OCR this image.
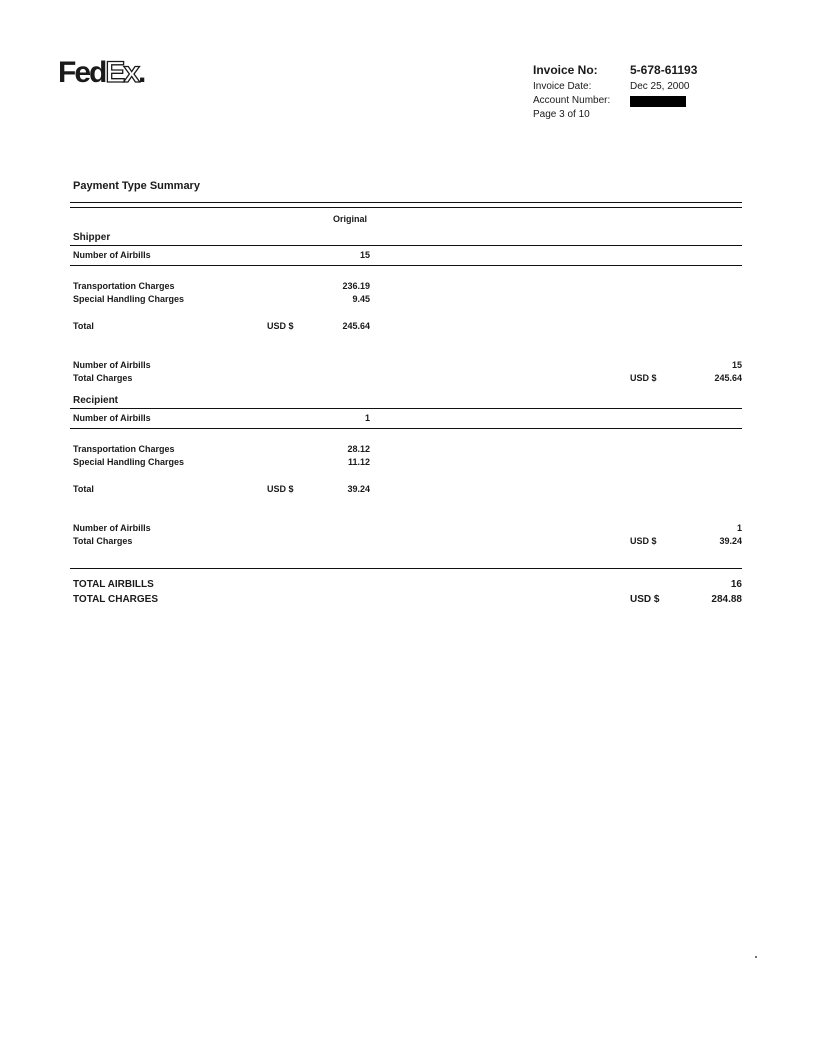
FedEx.	Invoice No:	5-678-61193
Invoice Date:	Dec 25, 2000
Account Number:
Page 3 of 10
Payment Type Summary
Original
Shipper
Number of Airbills	15
Transportation Charges	236.19
Special Handling Charges	9.45
Total	USD $	245.64
Number of Airbills	15
Total Charges	USD $	245.64
Recipient
Number of Airbills	1
Transportation Charges	28.12
Special Handling Charges	11.12
Total	USD $	39.24
Number of Airbills	1
Total Charges	USD $	39.24
TOTAL AIRBILLS	16
TOTAL CHARGES	USD $	284.88
